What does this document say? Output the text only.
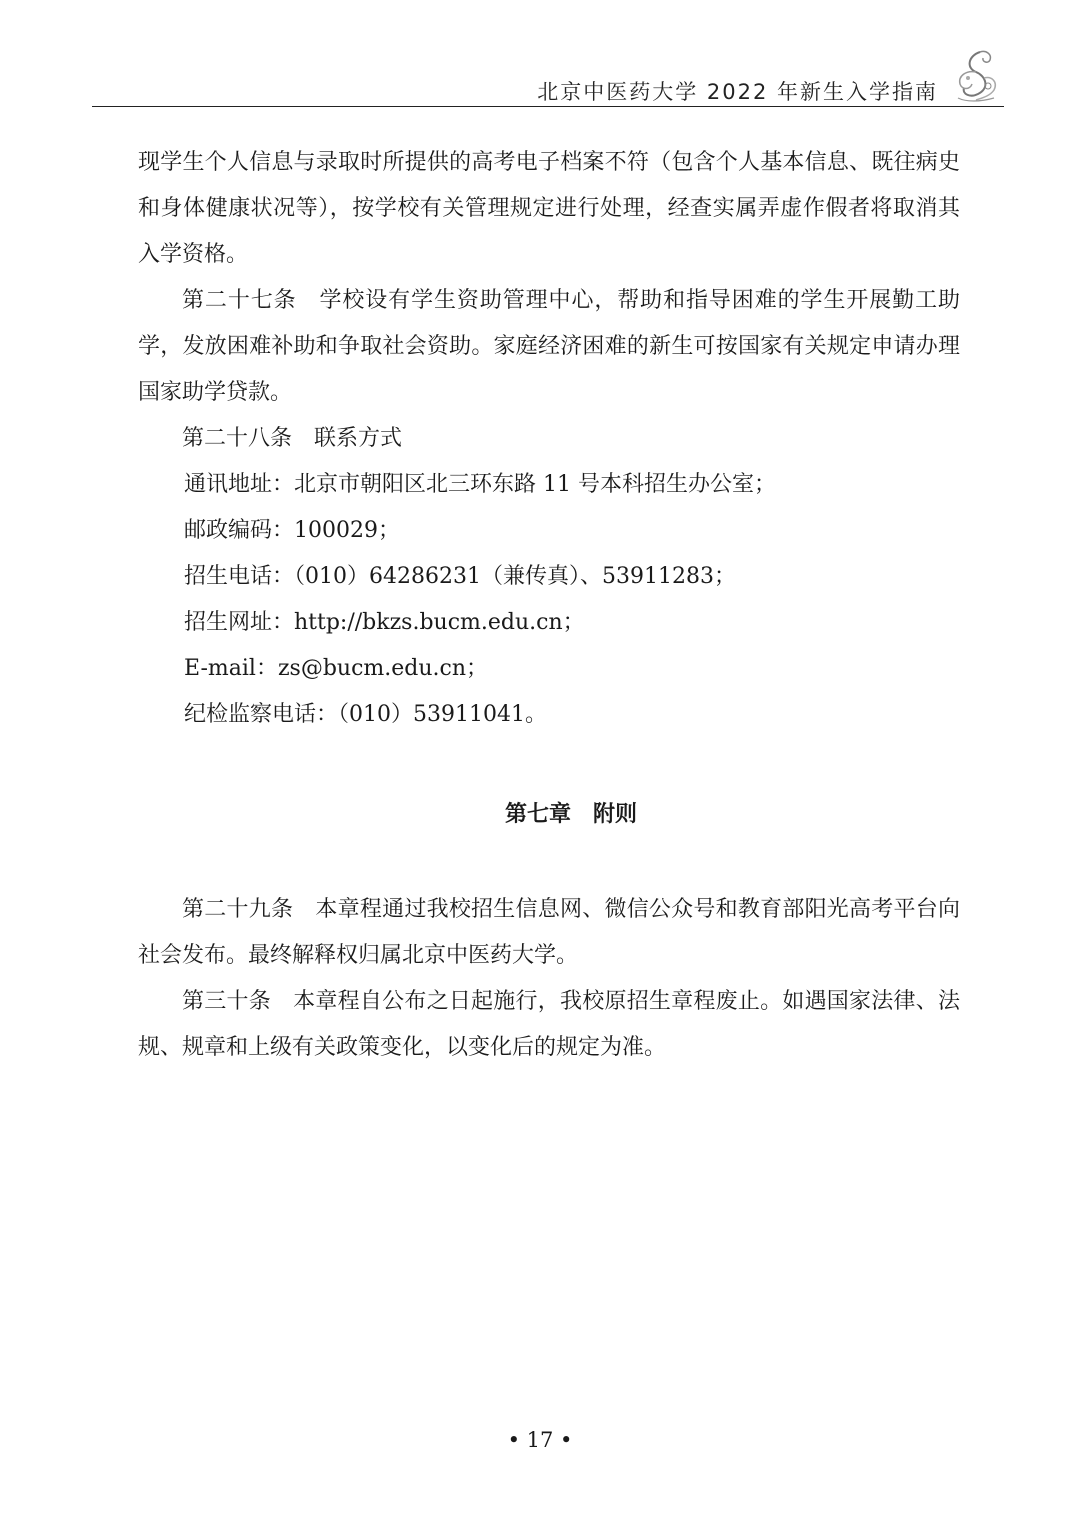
北京中医药大学 2022 年新生入学指南

现学生个人信息与录取时所提供的高考电子档案不符（包含个人基本信息、既往病史和身体健康状况等），按学校有关管理规定进行处理，经查实属弄虚作假者将取消其入学资格。

第二十七条　学校设有学生资助管理中心，帮助和指导困难的学生开展勤工助学，发放困难补助和争取社会资助。家庭经济困难的新生可按国家有关规定申请办理国家助学贷款。

第二十八条　联系方式

通讯地址：北京市朝阳区北三环东路 11 号本科招生办公室；

邮政编码：100029；

招生电话：（010）64286231（兼传真）、53911283；

招生网址：http://bkzs.bucm.edu.cn；

E-mail：zs@bucm.edu.cn；

纪检监察电话：（010）53911041。

第七章　附则

第二十九条　本章程通过我校招生信息网、微信公众号和教育部阳光高考平台向社会发布。最终解释权归属北京中医药大学。

第三十条　本章程自公布之日起施行，我校原招生章程废止。如遇国家法律、法规、规章和上级有关政策变化，以变化后的规定为准。

• 17 •
